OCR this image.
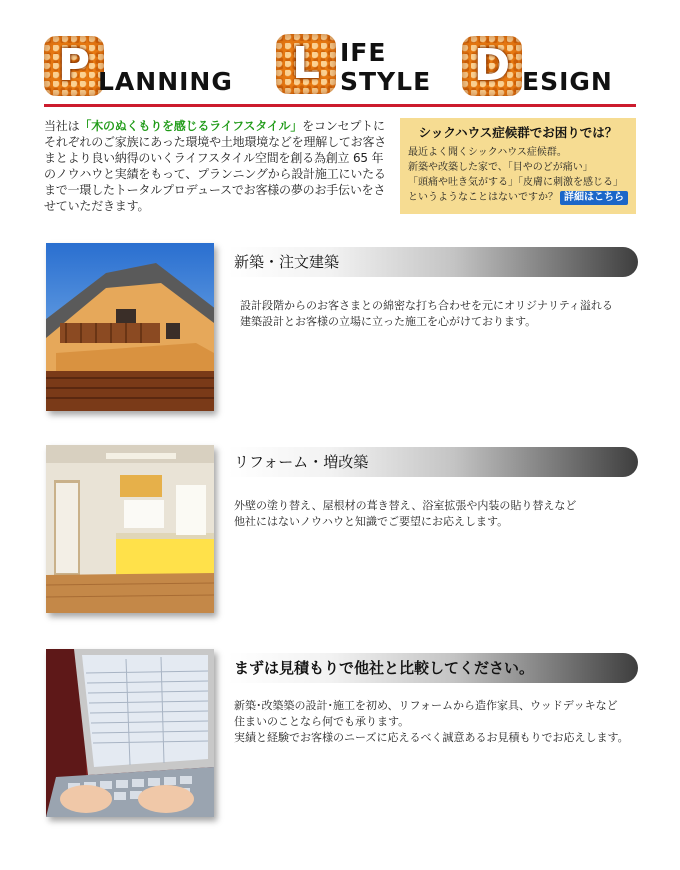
P LANNING	L IFE
STYLE D ESIGN

当社は「木のぬくもりを感じるライフスタイル」をコンセプトにそれぞれのご家族にあった環境や土地環境などを理解してお客さまとより良い納得のいくライフスタイル空間を創る為創立 65 年のノウハウと実績をもって、プランニングから設計施工にいたるまで一環したトータルプロデュースでお客様の夢のお手伝いをさせていただきます。

シックハウス症候群でお困りでは？
最近よく聞くシックハウス症候群。
新築や改築した家で、「目やのどが痛い」
「頭痛や吐き気がする」「皮膚に刺激を感じる」
というようなことはないですか？ 詳細はこちら
新築・注文建築
設計段階からのお客さまとの綿密な打ち合わせを元にオリジナリティ溢れる
建築設計とお客様の立場に立った施工を心がけております。
リフォーム・増改築
外壁の塗り替え、屋根材の葺き替え、浴室拡張や内装の貼り替えなど
他社にはないノウハウと知識でご要望にお応えします。
まずは見積もりで他社と比較してください。
新築･改築築の設計･施工を初め、リフォームから造作家具、ウッドデッキなど
住まいのことなら何でも承ります。
実績と経験でお客様のニーズに応えるべく誠意あるお見積もりでお応えします。
